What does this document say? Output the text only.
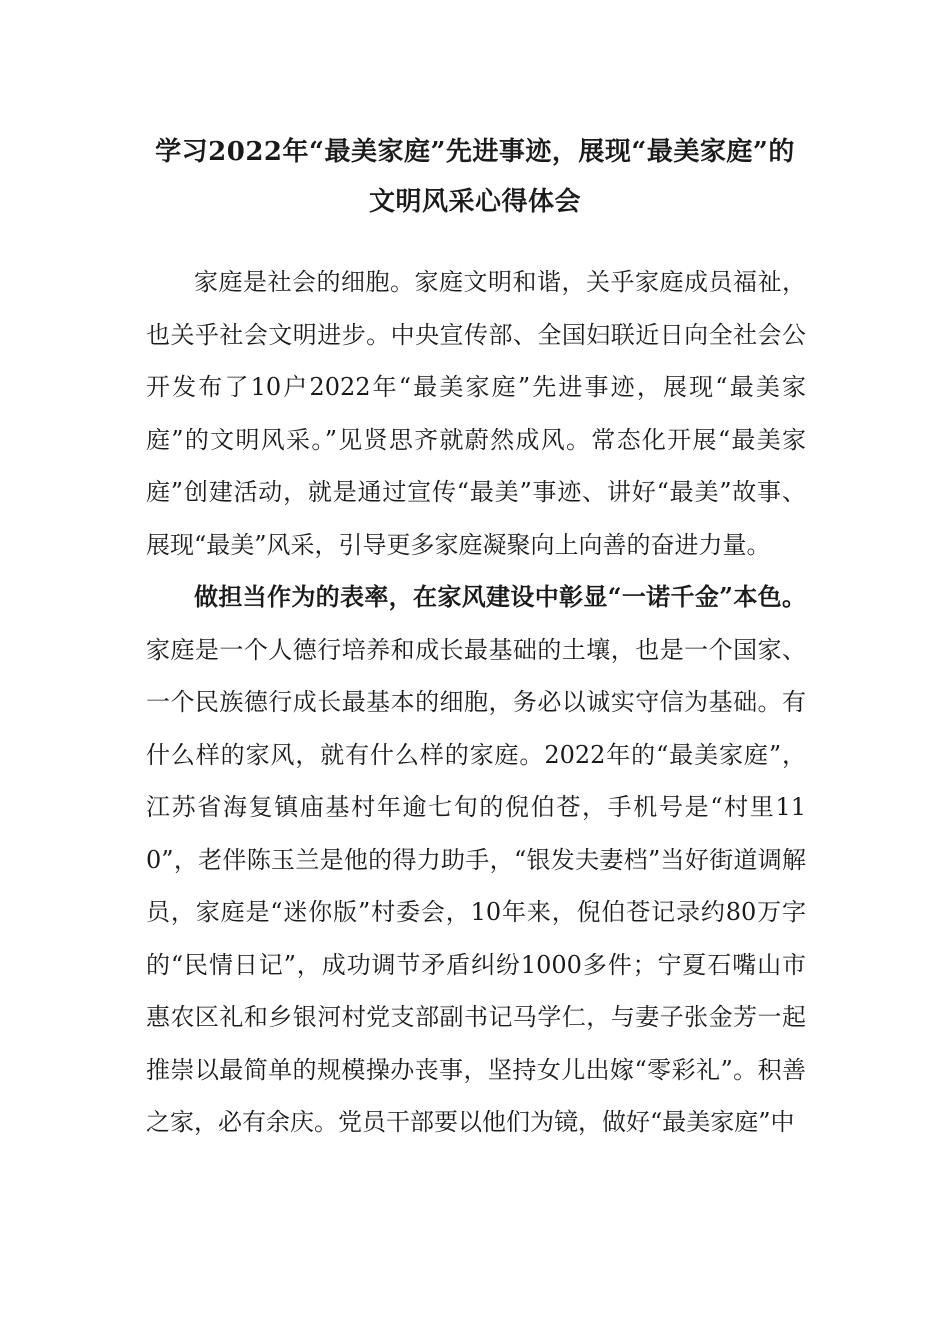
学习2022年“最美家庭”先进事迹，展现“最美家庭”的
文明风采心得体会

家庭是社会的细胞。家庭文明和谐，关乎家庭成员福祉，也关乎社会文明进步。中央宣传部、全国妇联近日向全社会公开发布了10户2022年“最美家庭”先进事迹，展现“最美家庭”的文明风采。”见贤思齐就蔚然成风。常态化开展“最美家庭”创建活动，就是通过宣传“最美”事迹、讲好“最美”故事、展现“最美”风采，引导更多家庭凝聚向上向善的奋进力量。

做担当作为的表率，在家风建设中彰显“一诺千金”本色。家庭是一个人德行培养和成长最基础的土壤，也是一个国家、一个民族德行成长最基本的细胞，务必以诚实守信为基础。有什么样的家风，就有什么样的家庭。2022年的“最美家庭”，江苏省海复镇庙基村年逾七旬的倪伯苍，手机号是“村里110”，老伴陈玉兰是他的得力助手，“银发夫妻档”当好街道调解员，家庭是“迷你版”村委会，10年来，倪伯苍记录约80万字的“民情日记”，成功调节矛盾纠纷1000多件；宁夏石嘴山市惠农区礼和乡银河村党支部副书记马学仁，与妻子张金芳一起推崇以最简单的规模操办丧事，坚持女儿出嫁“零彩礼”。积善之家，必有余庆。党员干部要以他们为镜，做好“最美家庭”中
